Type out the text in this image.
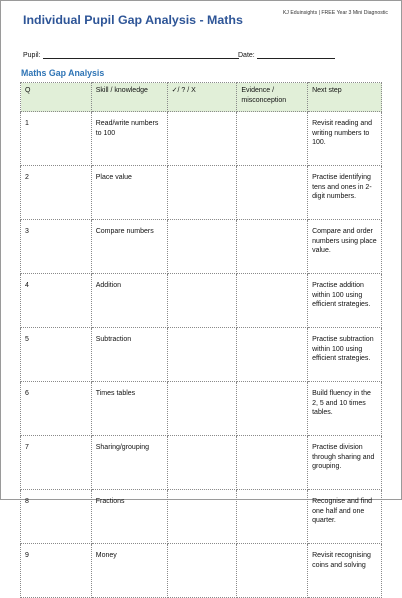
KJ Eduinsights | FREE Year 3 Mini Diagnostic
Individual Pupil Gap Analysis - Maths
Pupil:	Date:
Maths Gap Analysis
Q	Skill / knowledge	✓/ ? / X	Evidence / misconception	Next step
1	Read/write numbers to 100			Revisit reading and writing numbers to 100.
2	Place value			Practise identifying tens and ones in 2-digit numbers.
3	Compare numbers			Compare and order numbers using place value.
4	Addition			Practise addition within 100 using efficient strategies.
5	Subtraction			Practise subtraction within 100 using efficient strategies.
6	Times tables			Build fluency in the 2, 5 and 10 times tables.
7	Sharing/grouping			Practise division through sharing and grouping.
8	Fractions			Recognise and find one half and one quarter.
9	Money			Revisit recognising coins and solving
